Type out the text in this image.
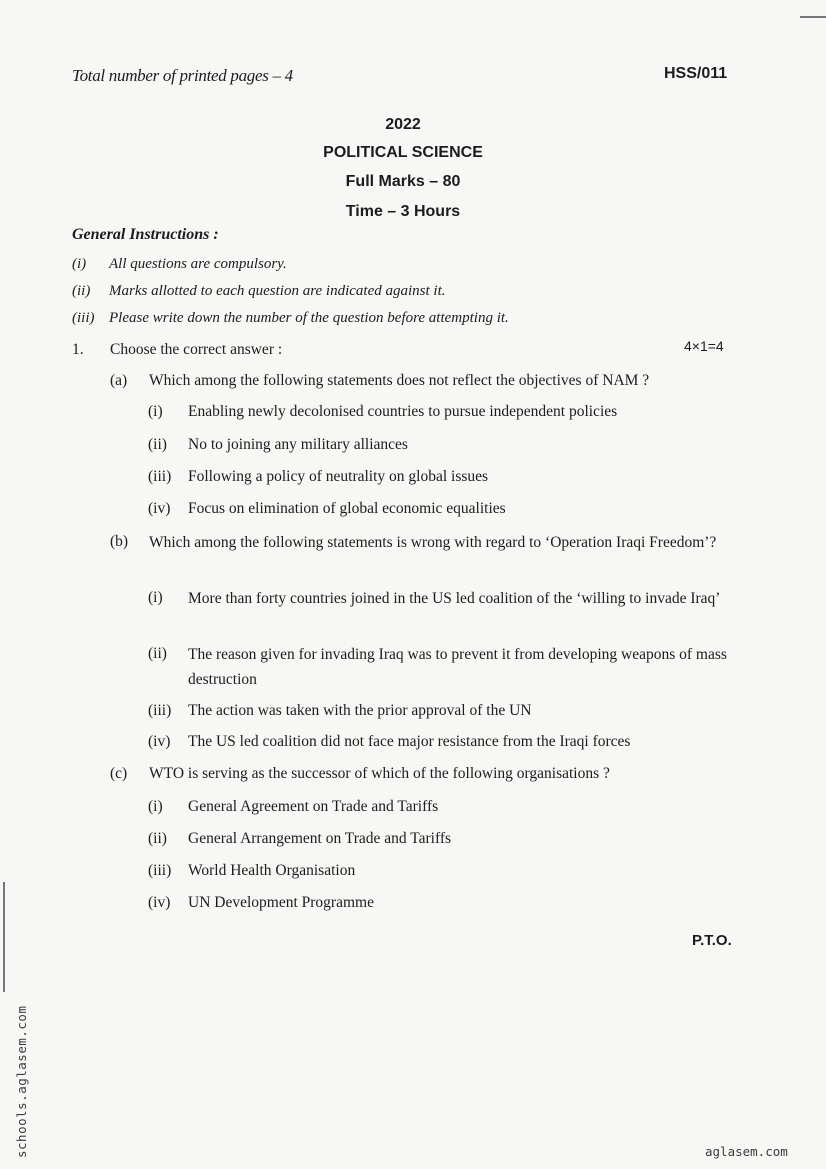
Total number of printed pages – 4	HSS/011
2022
POLITICAL SCIENCE
Full Marks – 80
Time – 3 Hours
General Instructions :
(i) All questions are compulsory.
(ii) Marks allotted to each question are indicated against it.
(iii) Please write down the number of the question before attempting it.
1. Choose the correct answer :	4×1=4
(a) Which among the following statements does not reflect the objectives of NAM ?
(i) Enabling newly decolonised countries to pursue independent policies
(ii) No to joining any military alliances
(iii) Following a policy of neutrality on global issues
(iv) Focus on elimination of global economic equalities
(b) Which among the following statements is wrong with regard to ‘Operation Iraqi Freedom’?
(i)	More than forty countries joined in the US led coalition of the ‘willing to invade Iraq’
(ii)	The reason given for invading Iraq was to prevent it from developing weapons of mass destruction
(iii) The action was taken with the prior approval of the UN
(iv) The US led coalition did not face major resistance from the Iraqi forces
(c) WTO is serving as the successor of which of the following organisations ?
(i) General Agreement on Trade and Tariffs
(ii) General Arrangement on Trade and Tariffs
(iii) World Health Organisation
(iv) UN Development Programme
P.T.O.
schools.aglasem.com	aglasem.com
